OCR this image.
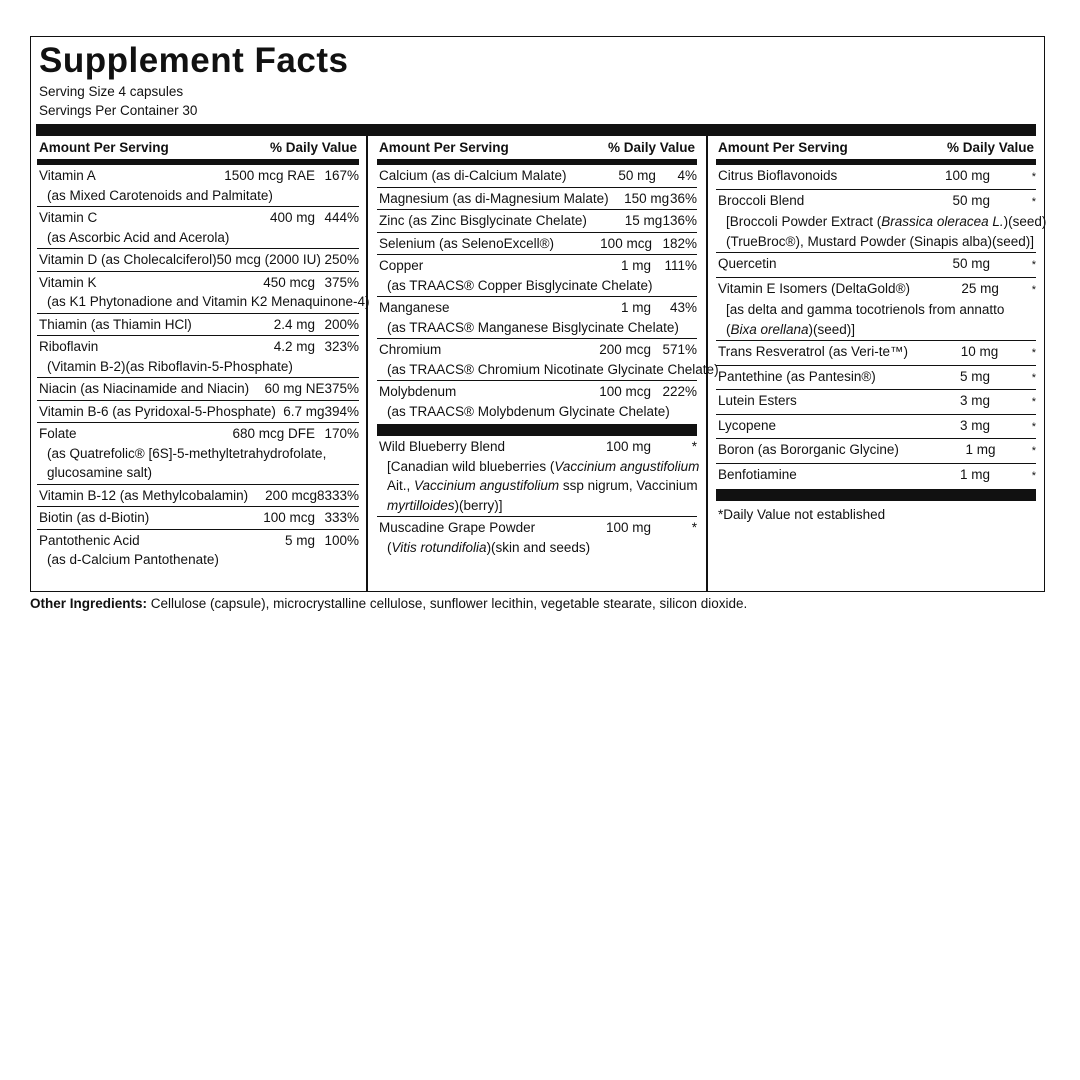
Supplement Facts
Serving Size 4 capsules
Servings Per Container 30
Amount Per Serving	% Daily Value
Vitamin A	1500 mcg RAE 167%
(as Mixed Carotenoids and Palmitate)
Vitamin C	400 mg 444%
(as Ascorbic Acid and Acerola)
Vitamin D (as Cholecalciferol) 50 mcg (2000 IU) 250%
Vitamin K	450 mcg 375%
(as K1 Phytonadione and Vitamin K2 Menaquinone-4)
Thiamin (as Thiamin HCl)	2.4 mg 200%
Riboflavin	4.2 mg 323%
(Vitamin B-2)(as Riboflavin-5-Phosphate)
Niacin (as Niacinamide and Niacin)	60 mg NE 375%
Vitamin B-6 (as Pyridoxal-5-Phosphate) 6.7 mg 394%
Folate	680 mcg DFE 170%
(as Quatrefolic® [6S]-5-methyltetrahydrofolate,
glucosamine salt)
Vitamin B-12 (as Methylcobalamin)	200 mcg 8333%
Biotin (as d-Biotin)	100 mcg 333%
Pantothenic Acid	5 mg 100%
(as d-Calcium Pantothenate)
Amount Per Serving	% Daily Value
Calcium (as di-Calcium Malate)	50 mg	4%
Magnesium (as di-Magnesium Malate)	150 mg 36%
Zinc (as Zinc Bisglycinate Chelate)	15 mg 136%
Selenium (as SelenoExcell®)	100 mcg 182%
Copper	1 mg 111%
(as TRAACS® Copper Bisglycinate Chelate)
Manganese	1 mg	43%
(as TRAACS® Manganese Bisglycinate Chelate)
Chromium	200 mcg 571%
(as TRAACS® Chromium Nicotinate Glycinate Chelate)
Molybdenum	100 mcg 222%
(as TRAACS® Molybdenum Glycinate Chelate)
Wild Blueberry Blend	100 mg	*
[Canadian wild blueberries (Vaccinium angustifolium
Ait., Vaccinium angustifolium ssp nigrum, Vaccinium
myrtilloides)(berry)]
Muscadine Grape Powder	100 mg	*
(Vitis rotundifolia)(skin and seeds)
Amount Per Serving	% Daily Value
Citrus Bioflavonoids	100 mg	*
Broccoli Blend	50 mg	*
[Broccoli Powder Extract (Brassica oleracea L.)(seed)
(TrueBroc®), Mustard Powder (Sinapis alba)(seed)]
Quercetin	50 mg	*
Vitamin E Isomers (DeltaGold®)	25 mg	*
[as delta and gamma tocotrienols from annatto
(Bixa orellana)(seed)]
Trans Resveratrol (as Veri-te™)	10 mg	*
Pantethine (as Pantesin®)	5 mg	*
Lutein Esters	3 mg	*
Lycopene	3 mg	*
Boron (as Bororganic Glycine)	1 mg	*
Benfotiamine	1 mg	*
*Daily Value not established
Other Ingredients: Cellulose (capsule), microcrystalline cellulose, sunflower lecithin, vegetable stearate, silicon dioxide.
